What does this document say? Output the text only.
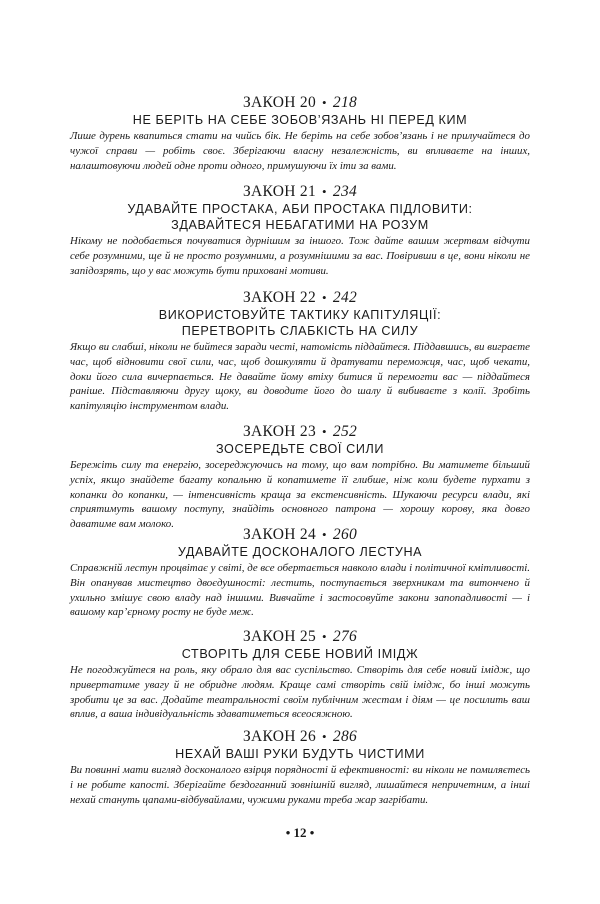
ЗАКОН 20 • 218
НЕ БЕРІТЬ НА СЕБЕ ЗОБОВ’ЯЗАНЬ НІ ПЕРЕД КИМ
Лише дурень квапиться стати на чийсь бік. Не беріть на себе зобов’язань і не прилучайтеся до чужої справи — робіть своє. Зберігаючи власну незалежність, ви впливаєте на інших, налаштовуючи людей одне проти одного, примушуючи їх іти за вами.
ЗАКОН 21 • 234
УДАВАЙТЕ ПРОСТАКА, АБИ ПРОСТАКА ПІДЛОВИТИ:
ЗДАВАЙТЕСЯ НЕБАГАТИМИ НА РОЗУМ
Нікому не подобається почуватися дурнішим за іншого. Тож дайте вашим жертвам відчути себе розумними, ще й не просто розумними, а розумнішими за вас. Повіривши в це, вони ніколи не запідозрять, що у вас можуть бути приховані мотиви.
ЗАКОН 22 • 242
ВИКОРИСТОВУЙТЕ ТАКТИКУ КАПІТУЛЯЦІЇ:
ПЕРЕТВОРІТЬ СЛАБКІСТЬ НА СИЛУ
Якщо ви слабші, ніколи не бийтеся заради честі, натомість піддайтеся. Піддавшись, ви виграєте час, щоб відновити свої сили, час, щоб дошкуляти й дратувати переможця, час, щоб чекати, доки його сила вичерпається. Не давайте йому втіху битися й перемогти вас — піддайтеся раніше. Підставляючи другу щоку, ви доводите його до шалу й вибиваєте з колії. Зробіть капітуляцію інструментом влади.
ЗАКОН 23 • 252
ЗОСЕРЕДЬТЕ СВОЇ СИЛИ
Бережіть силу та енергію, зосереджуючись на тому, що вам потрібно. Ви матимете більший успіх, якщо знайдете багату копальню й копатимете її глибше, ніж коли будете пурхати з копанки до копанки, — інтенсивність краща за екстенсивність. Шукаючи ресурси влади, які сприятимуть вашому поступу, знайдіть основного патрона — хорошу корову, яка довго даватиме вам молоко.
ЗАКОН 24 • 260
УДАВАЙТЕ ДОСКОНАЛОГО ЛЕСТУНА
Справжній лестун процвітає у світі, де все обертається навколо влади і політичної кмітливості. Він опанував мистецтво двоєдушності: лестить, поступається зверхникам та витончено й ухильно змішує свою владу над іншими. Вивчайте і застосовуйте закони запопадливості — і вашому кар’єрному росту не буде меж.
ЗАКОН 25 • 276
СТВОРІТЬ ДЛЯ СЕБЕ НОВИЙ ІМІДЖ
Не погоджуйтеся на роль, яку обрало для вас суспільство. Створіть для себе новий імідж, що привертатиме увагу й не обридне людям. Краще самі створіть свій імідж, бо інші можуть зробити це за вас. Додайте театральності своїм публічним жестам і діям — це посилить ваш вплив, а ваша індивідуальність здаватиметься всеосяжною.
ЗАКОН 26 • 286
НЕХАЙ ВАШІ РУКИ БУДУТЬ ЧИСТИМИ
Ви повинні мати вигляд досконалого взірця порядності й ефективності: ви ніколи не помиляєтесь і не робите капості. Зберігайте бездоганний зовнішній вигляд, лишайтеся непричетним, а інші нехай стануть цапами-відбувайлами, чужими руками треба жар загрібати.
• 12 •
